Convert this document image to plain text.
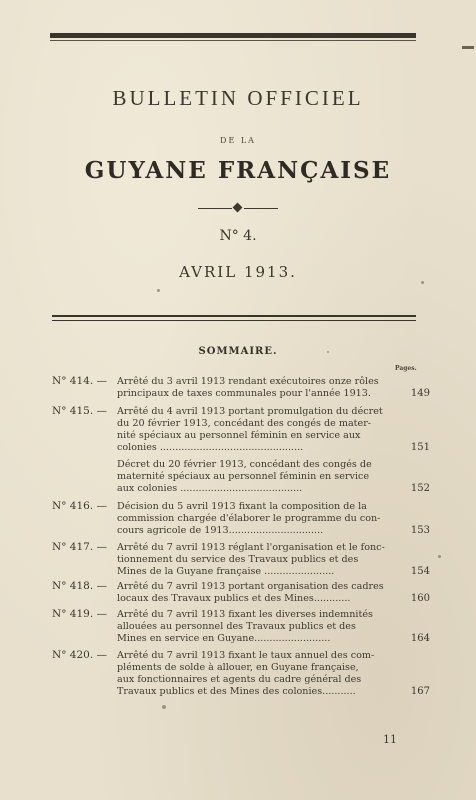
BULLETIN OFFICIEL
DE LA
GUYANE FRANÇAISE
N° 4.
AVRIL 1913.
SOMMAIRE.
Pages.
N° 414. —	Arrêté du 3 avril 1913 rendant exécutoires onze rôles
principaux de taxes communales pour l'année 1913.	149
N° 415. —	Arrêté du 4 avril 1913 portant promulgation du décret
du 20 février 1913, concédant des congés de mater-
nité spéciaux au personnel féminin en service aux
colonies ...............................................	151
Décret du 20 février 1913, concédant des congés de
maternité spéciaux au personnel féminin en service
aux colonies ........................................	152
N° 416. —	Décision du 5 avril 1913 fixant la composition de la
commission chargée d'élaborer le programme du con-
cours agricole de 1913...............................	153
N° 417. —	Arrêté du 7 avril 1913 réglant l'organisation et le fonc-
tionnement du service des Travaux publics et des
Mines de la Guyane française .......................	154
N° 418. —	Arrêté du 7 avril 1913 portant organisation des cadres
locaux des Travaux publics et des Mines............	160
N° 419. —	Arrêté du 7 avril 1913 fixant les diverses indemnités
allouées au personnel des Travaux publics et des
Mines en service en Guyane.........................	164
N° 420. —	Arrêté du 7 avril 1913 fixant le taux annuel des com-
pléments de solde à allouer, en Guyane française,
aux fonctionnaires et agents du cadre général des
Travaux publics et des Mines des colonies...........	167
11
